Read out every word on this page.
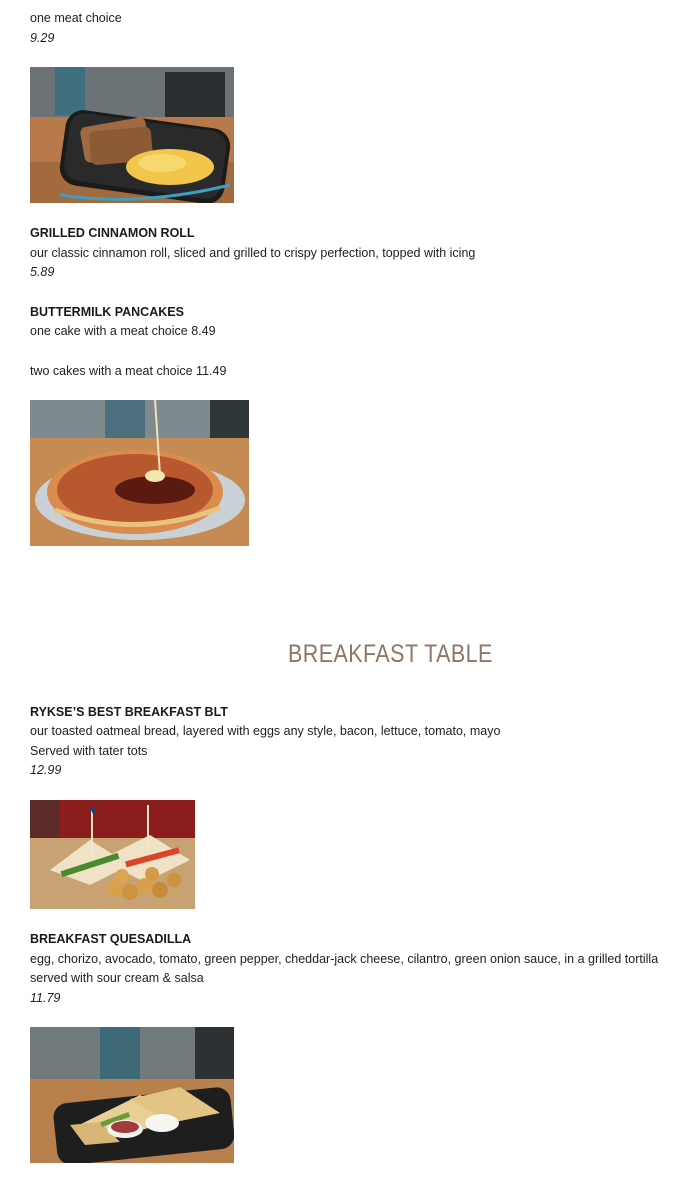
one meat choice
9.29
GRILLED CINNAMON ROLL
our classic cinnamon roll, sliced and grilled to crispy perfection, topped with icing
5.89
BUTTERMILK PANCAKES
one cake with a meat choice 8.49
two cakes with a meat choice 11.49
BREAKFAST TABLE
RYKSE’S BEST BREAKFAST BLT
our toasted oatmeal bread, layered with eggs any style, bacon, lettuce, tomato, mayo
Served with tater tots
12.99
BREAKFAST QUESADILLA
egg, chorizo, avocado, tomato, green pepper, cheddar-jack cheese, cilantro, green onion sauce, in a grilled tortilla
served with sour cream & salsa
11.79
